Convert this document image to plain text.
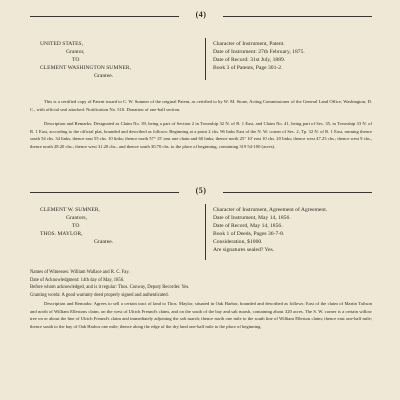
(4)
UNITED STATES,
Grantor,
TO
CLEMENT WASHINGTON SUMNER,
Grantee.
Character of Instrument, Patent.
Date of Instrument: 27th February, 1875.
Date of Record: 31st July, 1889.
Book 3 of Patents, Page 301-2.
This is a certified copy of Patent issued to C. W. Sumner of the original Patent, as certified to by W. M. Stone, Acting Commissioner of the General Land Office, Washington, D. C., with official seal attached. Notification No. 510. Donation of one-half section.
Description and Remarks: Designated as Claim No. 39, being a part of Section 2 in Township 32 N. of R. 1 East, and Claim No. 41, being part of Sec. 35, in Township 33 N. of R. 1 East, according to the official plat, bounded and described as follows: Beginning at a point 2 chs. 96 links East of the N. W. corner of Sec. 2, Tp. 32 N. of R. 1 East, running thence south 54 chs. 34 links; thence east 55 chs. 10 links; thence north 57° 15' east one chain and 60 links; thence north 25° 10' east 10 chs. 20 links; thence west 47.25 chs.; thence west 9 chs., thence north 28.20 chs.; thence west 31.20 chs., and thence south 30.70 chs. to the place of beginning, containing 319 54-100 (acres).
(5)
CLEMENT W. SUMNER,
Grantors,
TO
THOS. MAYLOR,
Grantee.
Character of Instrument, Agreement of Agreement.
Date of Instrument, May 14, 1856.
Date of Record, May 14, 1856.
Book 1 of Deeds, Pages 36-7-8.
Consideration, $1000.
Are signatures sealed? Yes.
Names of Witnesses: William Wallace and R. C. Fay.
Date of Acknowledgment: 14th day of May, 1856.
Before whom acknowledged, and is it regular: Thos. Conway, Deputy Recorder. Yes.
Granting words: A good warranty deed properly signed and authenticated.
Description and Remarks: Agrees to sell a certain tract of land to Thos. Maylor, situated in Oak Harbor, bounded and described as follows: East of the claim of Martin Taftson and north of William Ellestons claim, on the west of Ulrich Freund's claim, and on the south of the bay and salt marsh, containing about 320 acres. The S. W. corner is a certain willow tree on or about the line of Ulrich Freund's claim and immediately adjoining the salt marsh; thence north one mile to the south line of William Elleston claim; thence east one-half mile; thence south to the bay of Oak Harbor one mile; thence along the edge of the dry land one-half mile to the place of beginning.
